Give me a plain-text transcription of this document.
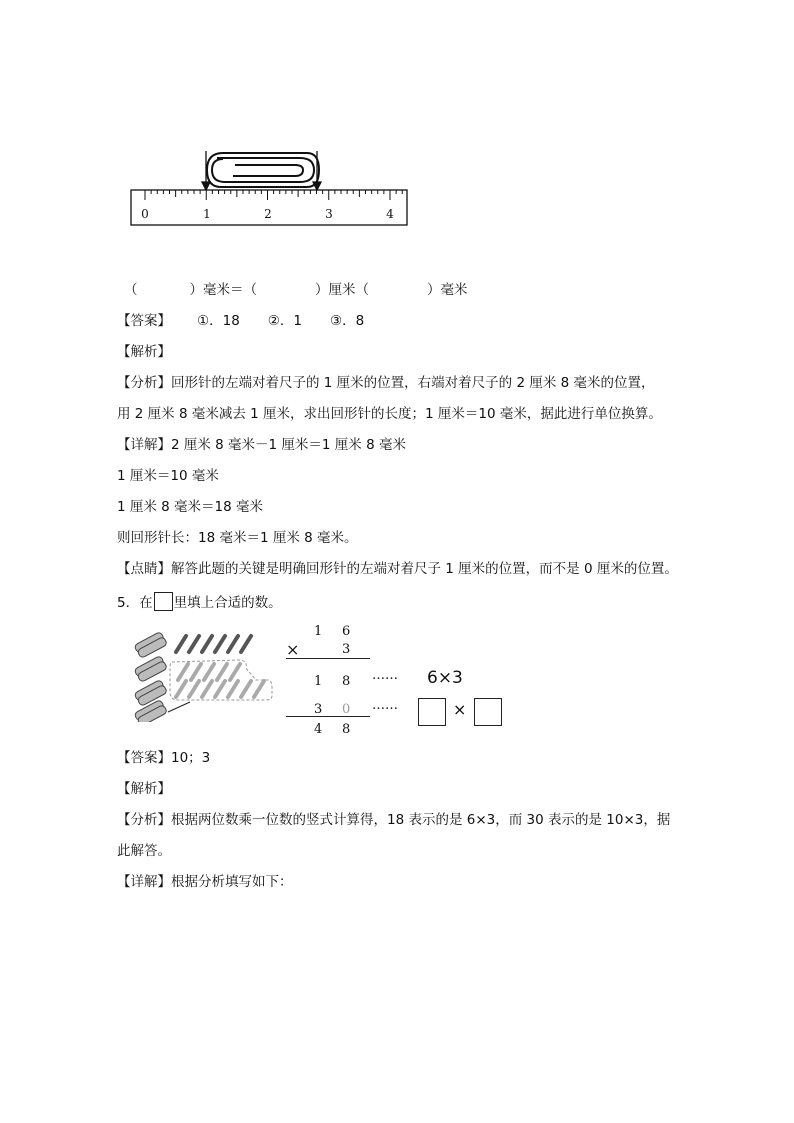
0	1	2	3	4
（	）毫米＝（	）厘米（	）毫米
【答案】 ①．18 ②．1 ③．8
【解析】
【分析】回形针的左端对着尺子的 1 厘米的位置，右端对着尺子的 2 厘米 8 毫米的位置，
用 2 厘米 8 毫米减去 1 厘米，求出回形针的长度；1 厘米＝10 毫米，据此进行单位换算。
【详解】2 厘米 8 毫米－1 厘米＝1 厘米 8 毫米
1 厘米＝10 毫米
1 厘米 8 毫米＝18 毫米
则回形针长：18 毫米＝1 厘米 8 毫米。
【点睛】解答此题的关键是明确回形针的左端对着尺子 1 厘米的位置，而不是 0 厘米的位置。
5．在 里填上合适的数。
1 6
×	3
1 8 …… 6×3
3 0 ……	×
4 8
【答案】10；3
【解析】
【分析】根据两位数乘一位数的竖式计算得，18 表示的是 6×3，而 30 表示的是 10×3，据
此解答。
【详解】根据分析填写如下：
